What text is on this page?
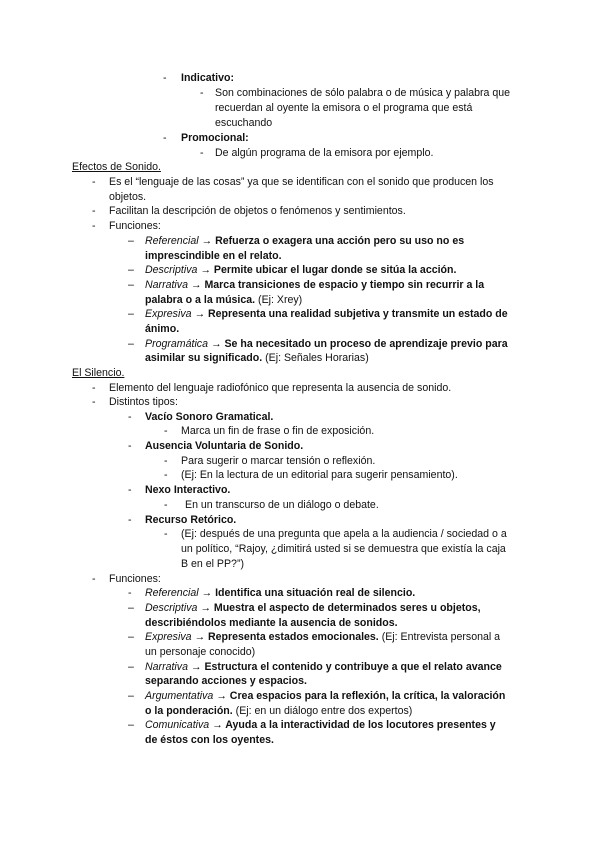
- Indicativo:
- Son combinaciones de sólo palabra o de música y palabra que
recuerdan al oyente la emisora o el programa que está
escuchando
- Promocional:
- De algún programa de la emisora por ejemplo.
Efectos de Sonido.
- Es el “lenguaje de las cosas” ya que se identifican con el sonido que producen los
objetos.
- Facilitan la descripción de objetos o fenómenos y sentimientos.
- Funciones:
– Referencial → Refuerza o exagera una acción pero su uso no es
imprescindible en el relato.
– Descriptiva → Permite ubicar el lugar donde se sitúa la acción.
– Narrativa → Marca transiciones de espacio y tiempo sin recurrir a la
palabra o a la música. (Ej: Xrey)
– Expresiva → Representa una realidad subjetiva y transmite un estado de
ánimo.
– Programática → Se ha necesitado un proceso de aprendizaje previo para
asimilar su significado. (Ej: Señales Horarias)
El Silencio.
- Elemento del lenguaje radiofónico que representa la ausencia de sonido.
- Distintos tipos:
- Vacío Sonoro Gramatical.
- Marca un fin de frase o fin de exposición.
- Ausencia Voluntaria de Sonido.
- Para sugerir o marcar tensión o reflexión.
- (Ej: En la lectura de un editorial para sugerir pensamiento).
- Nexo Interactivo.
- En un transcurso de un diálogo o debate.
- Recurso Retórico.
- (Ej: después de una pregunta que apela a la audiencia / sociedad o a
un político, “Rajoy, ¿dimitirá usted si se demuestra que existía la caja
B en el PP?”)
- Funciones:
- Referencial → Identifica una situación real de silencio.
– Descriptiva → Muestra el aspecto de determinados seres u objetos,
describiéndolos mediante la ausencia de sonidos.
– Expresiva → Representa estados emocionales. (Ej: Entrevista personal a
un personaje conocido)
– Narrativa → Estructura el contenido y contribuye a que el relato avance
separando acciones y espacios.
– Argumentativa → Crea espacios para la reflexión, la crítica, la valoración
o la ponderación. (Ej: en un diálogo entre dos expertos)
– Comunicativa → Ayuda a la interactividad de los locutores presentes y
de éstos con los oyentes.
